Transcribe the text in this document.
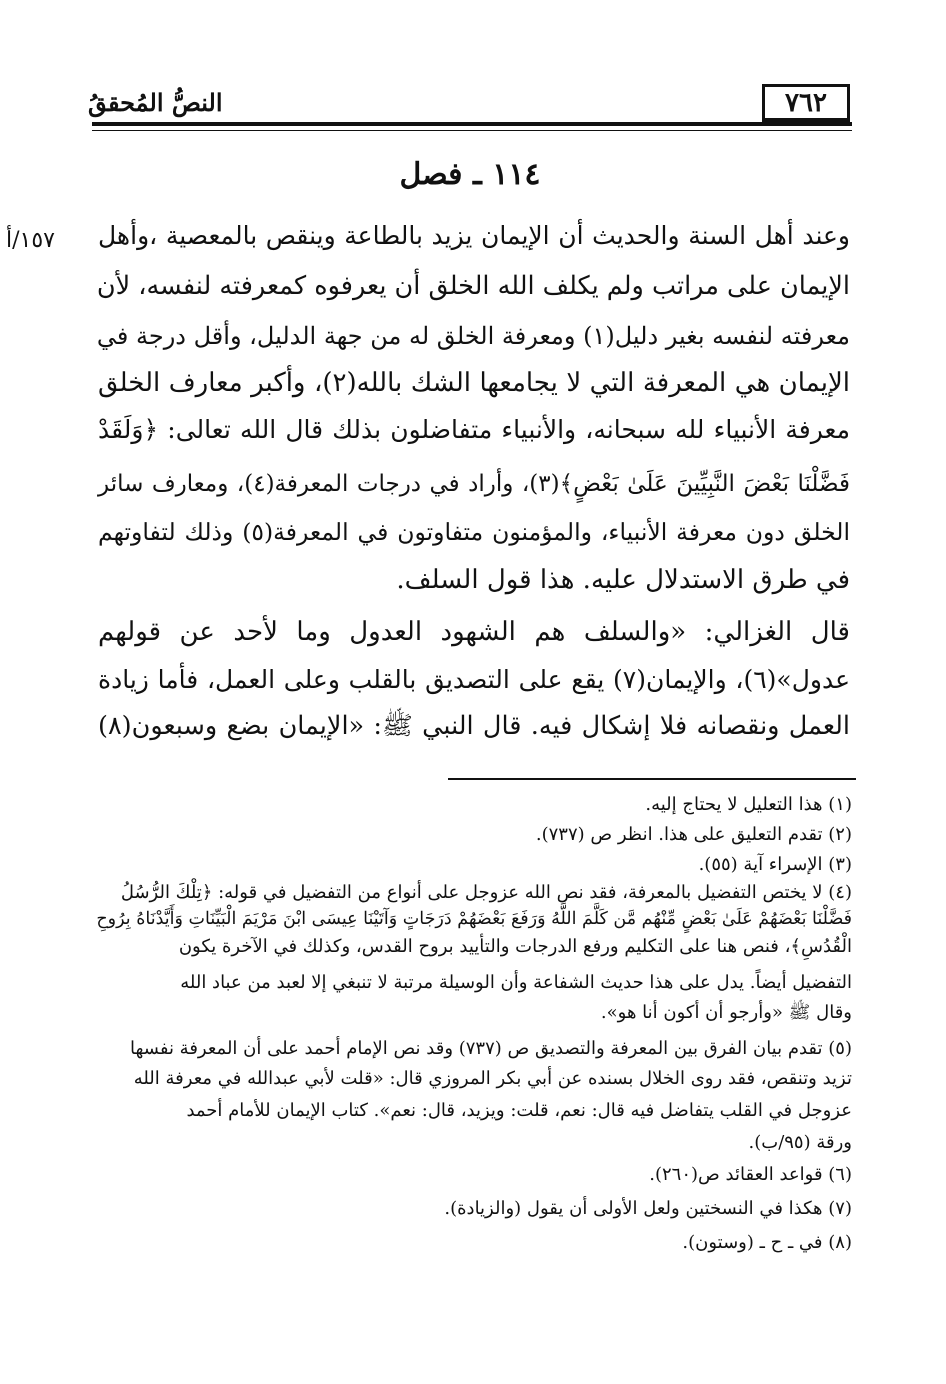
النصُّ المُحققُ	٧٦٢
١١٤ ـ فصل
١٥٧/أ	وعند أهل السنة والحديث أن الإيمان يزيد بالطاعة وينقص بالمعصية ،وأهل
الإيمان على مراتب ولم يكلف الله الخلق أن يعرفوه كمعرفته لنفسه، لأن
معرفته لنفسه بغير دليل(١) ومعرفة الخلق له من جهة الدليل، وأقل درجة في
الإيمان هي المعرفة التي لا يجامعها الشك بالله(٢)، وأكبر معارف الخلق
معرفة الأنبياء لله سبحانه، والأنبياء متفاضلون بذلك قال الله تعالى: ﴿وَلَقَدْ
فَضَّلْنَا بَعْضَ النَّبِيِّينَ عَلَىٰ بَعْضٍ﴾(٣)، وأراد في درجات المعرفة(٤)، ومعارف سائر
الخلق دون معرفة الأنبياء، والمؤمنون متفاوتون في المعرفة(٥) وذلك لتفاوتهم
في طرق الاستدلال عليه. هذا قول السلف.
قال الغزالي: «والسلف هم الشهود العدول وما لأحد عن قولهم
عدول»(٦)، والإيمان(٧) يقع على التصديق بالقلب وعلى العمل، فأما زيادة
العمل ونقصانه فلا إشكال فيه. قال النبي ﷺ: «الإيمان بضع وسبعون(٨)
(١) هذا التعليل لا يحتاج إليه.
(٢) تقدم التعليق على هذا. انظر ص (٧٣٧).
(٣) الإسراء آية (٥٥).
(٤) لا يختص التفضيل بالمعرفة، فقد نص الله عزوجل على أنواع من التفضيل في قوله: ﴿تِلْكَ الرُّسُلُ
فَضَّلْنَا بَعْضَهُمْ عَلَىٰ بَعْضٍ مِّنْهُم مَّن كَلَّمَ اللَّهُ وَرَفَعَ بَعْضَهُمْ دَرَجَاتٍ وَآتَيْنَا عِيسَى ابْنَ مَرْيَمَ الْبَيِّنَاتِ وَأَيَّدْنَاهُ بِرُوحِ
الْقُدُسِ﴾، فنص هنا على التكليم ورفع الدرجات والتأييد بروح القدس، وكذلك في الآخرة يكون
التفضيل أيضاً. يدل على هذا حديث الشفاعة وأن الوسيلة مرتبة لا تنبغي إلا لعبد من عباد الله
وقال ﷺ «وأرجو أن أكون أنا هو».
(٥) تقدم بيان الفرق بين المعرفة والتصديق ص (٧٣٧) وقد نص الإمام أحمد على أن المعرفة نفسها
تزيد وتنقص، فقد روى الخلال بسنده عن أبي بكر المروزي قال: «قلت لأبي عبدالله في معرفة الله
عزوجل في القلب يتفاضل فيه قال: نعم، قلت: ويزيد، قال: نعم». كتاب الإيمان للأمام أحمد
ورقة (٩٥/ب).
(٦) قواعد العقائد ص(٢٦٠).
(٧) هكذا في النسختين ولعل الأولى أن يقول (والزيادة).
(٨) في ـ ح ـ (وستون).
